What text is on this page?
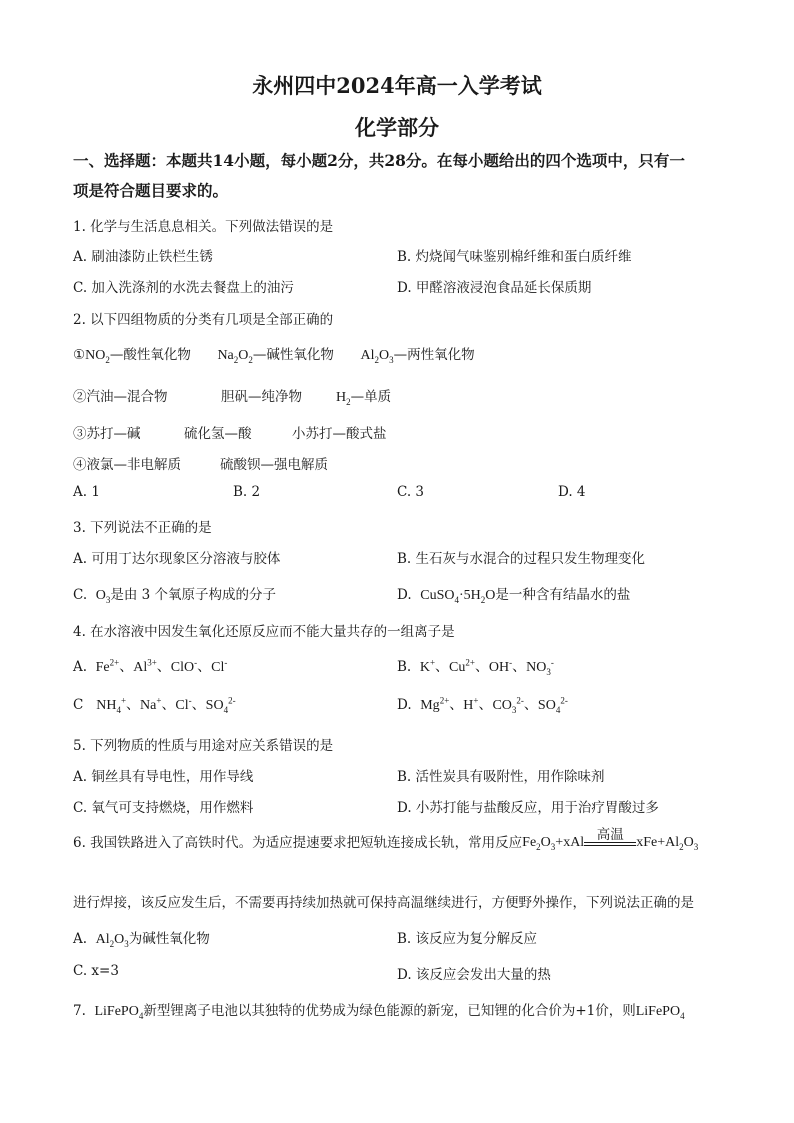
永州四中2024年高一入学考试
化学部分
一、选择题：本题共14小题，每小题2分，共28分。在每小题给出的四个选项中，只有一
项是符合题目要求的。
1. 化学与生活息息相关。下列做法错误的是
A. 刷油漆防止铁栏生锈	B. 灼烧闻气味鉴别棉纤维和蛋白质纤维
C. 加入洗涤剂的水洗去餐盘上的油污	D. 甲醛溶液浸泡食品延长保质期
2. 以下四组物质的分类有几项是全部正确的
$①NO_2—$酸性氧化物 $Na_2O_2—$碱性氧化物 $Al_2O_3—$两性氧化物
②汽油—混合物	胆矾—纯净物 $H_2—$单质
③苏打—碱	硫化氢—酸	小苏打—酸式盐
④液氯—非电解质	硫酸钡—强电解质
A. 1	B. 2	C. 3	D. 4
3. 下列说法不正确的是
A. 可用丁达尔现象区分溶液与胶体	B. 生石灰与水混合的过程只发生物理变化
C. $O_3$是由 3 个氧原子构成的分子	D. $CuSO_4\cdot 5H_2O$是一种含有结晶水的盐
4. 在水溶液中因发生氧化还原反应而不能大量共存的一组离子是
A. $Fe^{2+}$、$Al^{3+}$、ClO-、Cl-	B. K+、$Cu^{2+}$、OH-、$NO_3^-$
C $NH_4^+$、Na+、Cl-、$SO_4^{2-}$	D. $Mg^{2+}$、H+、$CO_3^{2-}$、$SO_4^{2-}$
5. 下列物质的性质与用途对应关系错误的是
A. 铜丝具有导电性，用作导线	B. 活性炭具有吸附性，用作除味剂
C. 氧气可支持燃烧，用作燃料	D. 小苏打能与盐酸反应，用于治疗胃酸过多
6. 我国铁路进入了高铁时代。为适应提速要求把短轨连接成长轨，常用反应$Fe_2O_3+xAl$ 高温 $xFe+Al_2O_3$
进行焊接，该反应发生后，不需要再持续加热就可保持高温继续进行，方便野外操作，下列说法正确的是
A. $Al_2O_3$为碱性氧化物	B. 该反应为复分解反应
C. x=3	D. 该反应会发出大量的热
7. LiFePO$_4$新型锂离子电池以其独特的优势成为绿色能源的新宠，已知锂的化合价为+1价，则LiFePO$_4$
